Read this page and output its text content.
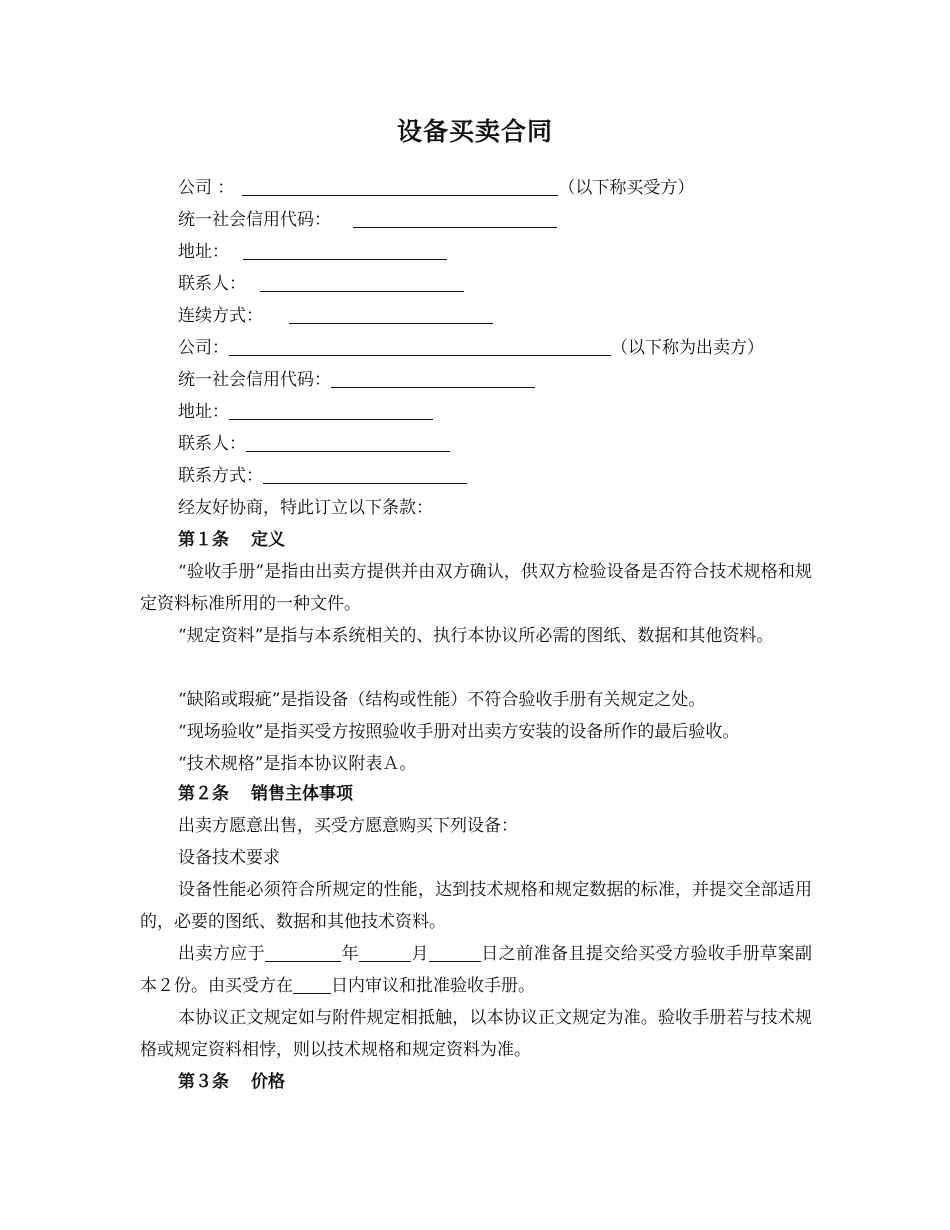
设备买卖合同
公司 ：	（以下称买受方）
统一社会信用代码：
地址：
联系人：
连续方式：
公司：	（以下称为出卖方）
统一社会信用代码：
地址：
联系人：
联系方式：
经友好协商，特此订立以下条款：
第１条 定义
“验收手册”是指由出卖方提供并由双方确认，供双方检验设备是否符合技术规格和规定资料标准所用的一种文件。
“规定资料”是指与本系统相关的、执行本协议所必需的图纸、数据和其他资料。
“缺陷或瑕疵”是指设备（结构或性能）不符合验收手册有关规定之处。
“现场验收”是指买受方按照验收手册对出卖方安装的设备所作的最后验收。
“技术规格”是指本协议附表Ａ。
第２条 销售主体事项
出卖方愿意出售，买受方愿意购买下列设备：
设备技术要求
设备性能必须符合所规定的性能，达到技术规格和规定数据的标准，并提交全部适用的，必要的图纸、数据和其他技术资料。
出卖方应于	年	月	日之前准备且提交给买受方验收手册草案副本２份。由买受方在 日内审议和批准验收手册。
本协议正文规定如与附件规定相抵触，以本协议正文规定为准。验收手册若与技术规格或规定资料相悖，则以技术规格和规定资料为准。
第３条 价格
